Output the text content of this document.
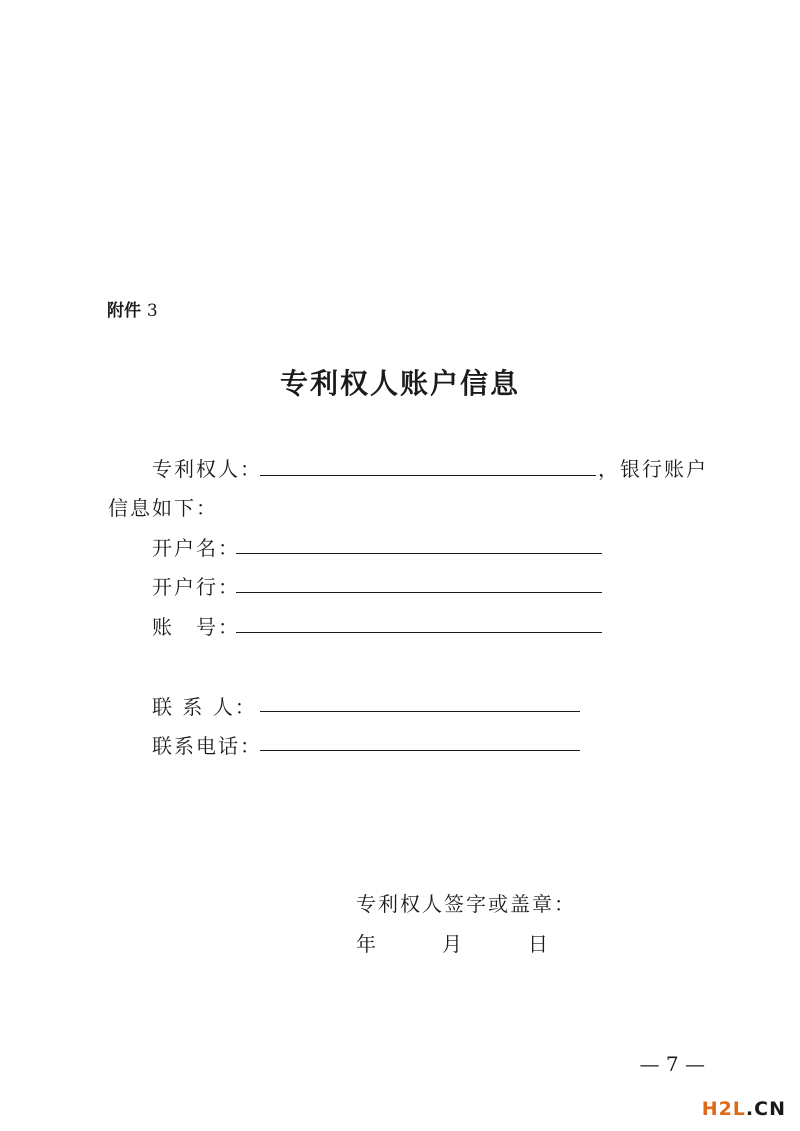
附件 3
专利权人账户信息
专利权人：	，银行账户
信息如下：
开户名：
开户行：
账　号：
联 系 人：
联系电话：
专利权人签字或盖章：
年	月	日
— 7 —
H2L.CN
